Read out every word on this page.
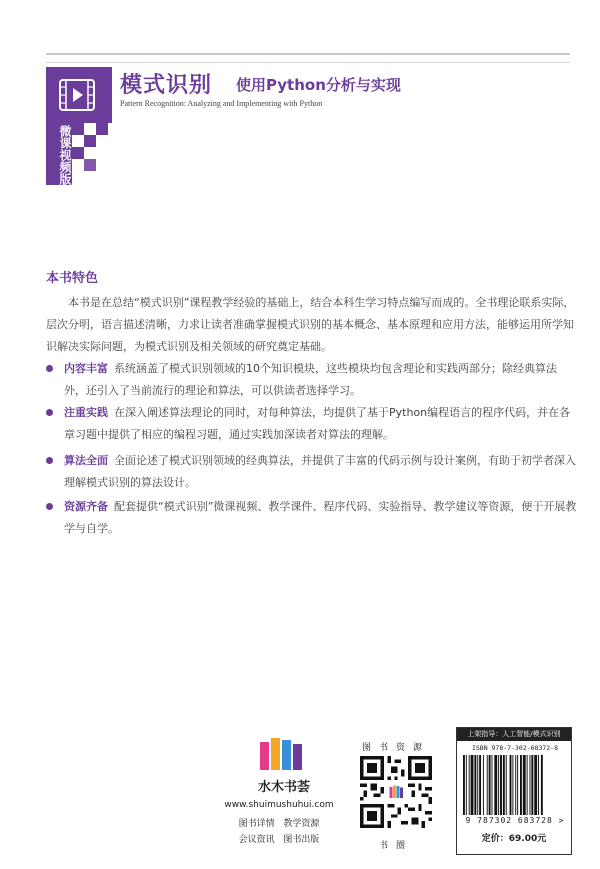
微课视频版
模式识别 使用Python分析与实现
Pattern Recognition: Analyzing and Implementing with Python
本书特色

本书是在总结“模式识别”课程教学经验的基础上，结合本科生学习特点编写而成的。全书理论联系实际，层次分明，语言描述清晰，力求让读者准确掌握模式识别的基本概念、基本原理和应用方法，能够运用所学知识解决实际问题，为模式识别及相关领域的研究奠定基础。

内容丰富 系统涵盖了模式识别领域的10个知识模块，这些模块均包含理论和实践两部分；除经典算法外，还引入了当前流行的理论和算法，可以供读者选择学习。
注重实践 在深入阐述算法理论的同时，对每种算法，均提供了基于Python编程语言的程序代码，并在各章习题中提供了相应的编程习题，通过实践加深读者对算法的理解。
算法全面 全面论述了模式识别领域的经典算法，并提供了丰富的代码示例与设计案例，有助于初学者深入理解模式识别的算法设计。
资源齐备 配套提供“模式识别”微课视频、教学课件、程序代码、实验指导、教学建议等资源，便于开展教学与自学。
水木书荟
www.shuimushuhui.com
图书详情 教学资源
会议资讯 图书出版
图书资源
书圈
上架指导：人工智能/模式识别
ISBN 978-7-302-68372-8
9 787302 683728 >
定价：69.00元
